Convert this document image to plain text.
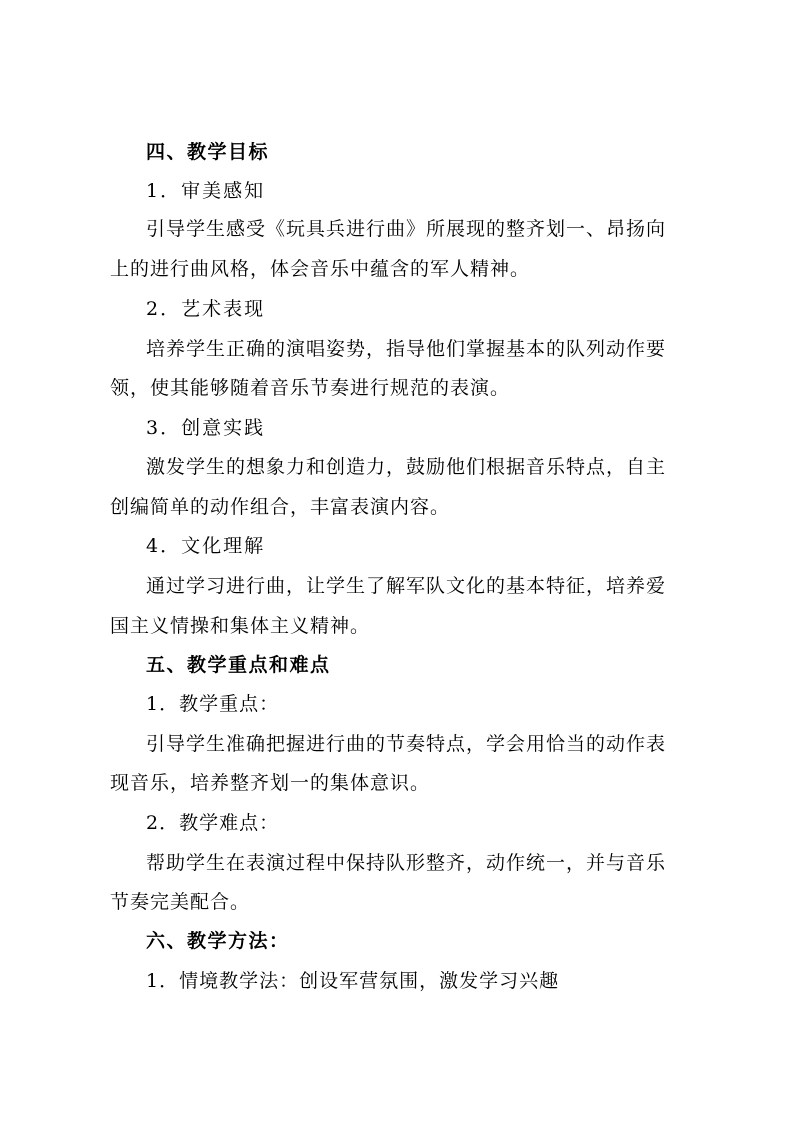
四、教学目标
1．审美感知
引导学生感受《玩具兵进行曲》所展现的整齐划一、昂扬向
上的进行曲风格，体会音乐中蕴含的军人精神。
2．艺术表现
培养学生正确的演唱姿势，指导他们掌握基本的队列动作要
领，使其能够随着音乐节奏进行规范的表演。
3．创意实践
激发学生的想象力和创造力，鼓励他们根据音乐特点，自主
创编简单的动作组合，丰富表演内容。
4．文化理解
通过学习进行曲，让学生了解军队文化的基本特征，培养爱
国主义情操和集体主义精神。
五、教学重点和难点
1．教学重点：
引导学生准确把握进行曲的节奏特点，学会用恰当的动作表
现音乐，培养整齐划一的集体意识。
2．教学难点：
帮助学生在表演过程中保持队形整齐，动作统一，并与音乐
节奏完美配合。
六、教学方法：
1．情境教学法：创设军营氛围，激发学习兴趣
